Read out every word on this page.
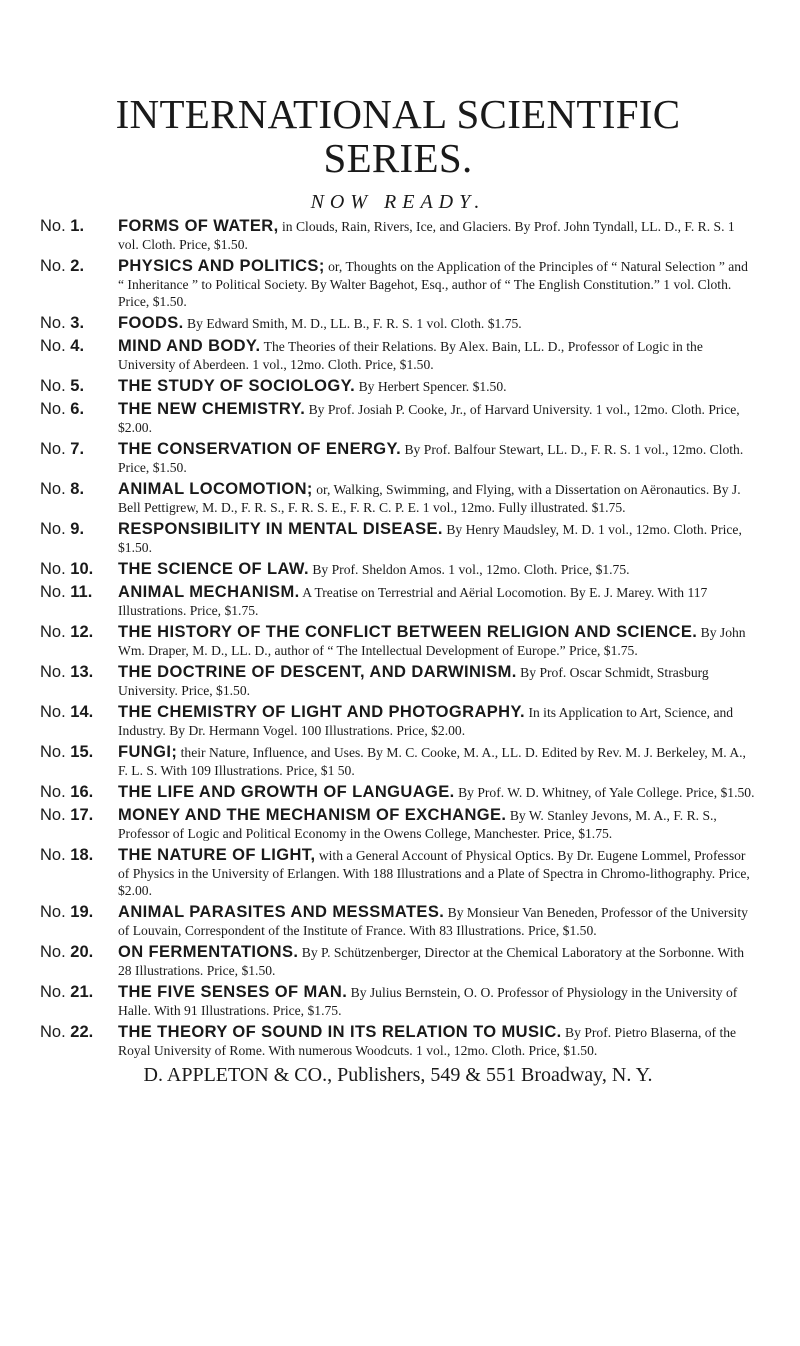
INTERNATIONAL SCIENTIFIC SERIES.
NOW READY.
No. 1.	FORMS OF WATER, in Clouds, Rain, Rivers, Ice, and Glaciers. By Prof. John Tyndall, LL. D., F. R. S. 1 vol. Cloth. Price, $1.50.
No. 2.	PHYSICS AND POLITICS; or, Thoughts on the Application of the Principles of “ Natural Selection ” and “ Inheritance ” to Political Society. By Walter Bagehot, Esq., author of “ The English Constitution.” 1 vol. Cloth. Price, $1.50.
No. 3.	FOODS. By Edward Smith, M. D., LL. B., F. R. S. 1 vol. Cloth. $1.75.
No. 4.	MIND AND BODY. The Theories of their Relations. By Alex. Bain, LL. D., Professor of Logic in the University of Aberdeen. 1 vol., 12mo. Cloth. Price, $1.50.
No. 5.	THE STUDY OF SOCIOLOGY. By Herbert Spencer. $1.50.
No. 6.	THE NEW CHEMISTRY. By Prof. Josiah P. Cooke, Jr., of Harvard University. 1 vol., 12mo. Cloth. Price, $2.00.
No. 7.	THE CONSERVATION OF ENERGY. By Prof. Balfour Stewart, LL. D., F. R. S. 1 vol., 12mo. Cloth. Price, $1.50.
No. 8.	ANIMAL LOCOMOTION; or, Walking, Swimming, and Flying, with a Dissertation on Aëronautics. By J. Bell Pettigrew, M. D., F. R. S., F. R. S. E., F. R. C. P. E. 1 vol., 12mo. Fully illustrated. $1.75.
No. 9.	RESPONSIBILITY IN MENTAL DISEASE. By Henry Maudsley, M. D. 1 vol., 12mo. Cloth. Price, $1.50.
No. 10.	THE SCIENCE OF LAW. By Prof. Sheldon Amos. 1 vol., 12mo. Cloth. Price, $1.75.
No. 11.	ANIMAL MECHANISM. A Treatise on Terrestrial and Aërial Locomotion. By E. J. Marey. With 117 Illustrations. Price, $1.75.
No. 12.	THE HISTORY OF THE CONFLICT BETWEEN RELIGION AND SCIENCE. By John Wm. Draper, M. D., LL. D., author of “ The Intellectual Development of Europe.” Price, $1.75.
No. 13.	THE DOCTRINE OF DESCENT, AND DARWINISM. By Prof. Oscar Schmidt, Strasburg University. Price, $1.50.
No. 14.	THE CHEMISTRY OF LIGHT AND PHOTOGRAPHY. In its Application to Art, Science, and Industry. By Dr. Hermann Vogel. 100 Illustrations. Price, $2.00.
No. 15.	FUNGI; their Nature, Influence, and Uses. By M. C. Cooke, M. A., LL. D. Edited by Rev. M. J. Berkeley, M. A., F. L. S. With 109 Illustrations. Price, $1 50.
No. 16.	THE LIFE AND GROWTH OF LANGUAGE. By Prof. W. D. Whitney, of Yale College. Price, $1.50.
No. 17.	MONEY AND THE MECHANISM OF EXCHANGE. By W. Stanley Jevons, M. A., F. R. S., Professor of Logic and Political Economy in the Owens College, Manchester. Price, $1.75.
No. 18.	THE NATURE OF LIGHT, with a General Account of Physical Optics. By Dr. Eugene Lommel, Professor of Physics in the University of Erlangen. With 188 Illustrations and a Plate of Spectra in Chromo-lithography. Price, $2.00.
No. 19.	ANIMAL PARASITES AND MESSMATES. By Monsieur Van Beneden, Professor of the University of Louvain, Correspondent of the Institute of France. With 83 Illustrations. Price, $1.50.
No. 20.	ON FERMENTATIONS. By P. Schützenberger, Director at the Chemical Laboratory at the Sorbonne. With 28 Illustrations. Price, $1.50.
No. 21.	THE FIVE SENSES OF MAN. By Julius Bernstein, O. O. Professor of Physiology in the University of Halle. With 91 Illustrations. Price, $1.75.
No. 22.	THE THEORY OF SOUND IN ITS RELATION TO MUSIC. By Prof. Pietro Blaserna, of the Royal University of Rome. With numerous Woodcuts. 1 vol., 12mo. Cloth. Price, $1.50.
D. APPLETON & CO., Publishers, 549 & 551 Broadway, N. Y.
